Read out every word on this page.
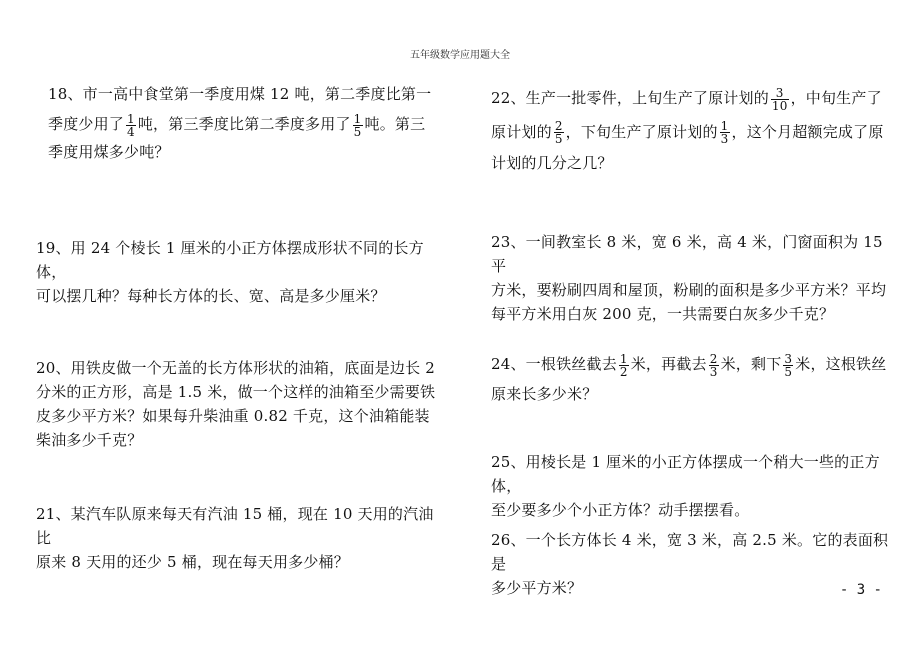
五年级数学应用题大全
18、市一高中食堂第一季度用煤 12 吨，第二季度比第一
季度少用了 $\frac{1}{4}$ 吨，第三季度比第二季度多用了 $\frac{1}{5}$ 吨。第三
季度用煤多少吨？
19、用 24 个棱长 1 厘米的小正方体摆成形状不同的长方体，
可以摆几种？每种长方体的长、宽、高是多少厘米？
20、用铁皮做一个无盖的长方体形状的油箱，底面是边长 2
分米的正方形，高是 1.5 米，做一个这样的油箱至少需要铁
皮多少平方米？如果每升柴油重 0.82 千克，这个油箱能装
柴油多少千克？
21、某汽车队原来每天有汽油 15 桶，现在 10 天用的汽油比
原来 8 天用的还少 5 桶，现在每天用多少桶？
22、生产一批零件，上旬生产了原计划的 $\frac{3}{10}$ ，中旬生产了
原计划的 $\frac{2}{5}$ ，下旬生产了原计划的 $\frac{1}{3}$ ，这个月超额完成了原
计划的几分之几？
23、一间教室长 8 米，宽 6 米，高 4 米，门窗面积为 15 平
方米，要粉刷四周和屋顶，粉刷的面积是多少平方米？平均
每平方米用白灰 200 克，一共需要白灰多少千克？
24、一根铁丝截去 $\frac{1}{2}$ 米，再截去 $\frac{2}{3}$ 米，剩下 $\frac{3}{5}$ 米，这根铁丝
原来长多少米？
25、用棱长是 1 厘米的小正方体摆成一个稍大一些的正方体，
至少要多少个小正方体？动手摆摆看。
26、一个长方体长 4 米，宽 3 米，高 2.5 米。它的表面积是
多少平方米？	- 3 -
